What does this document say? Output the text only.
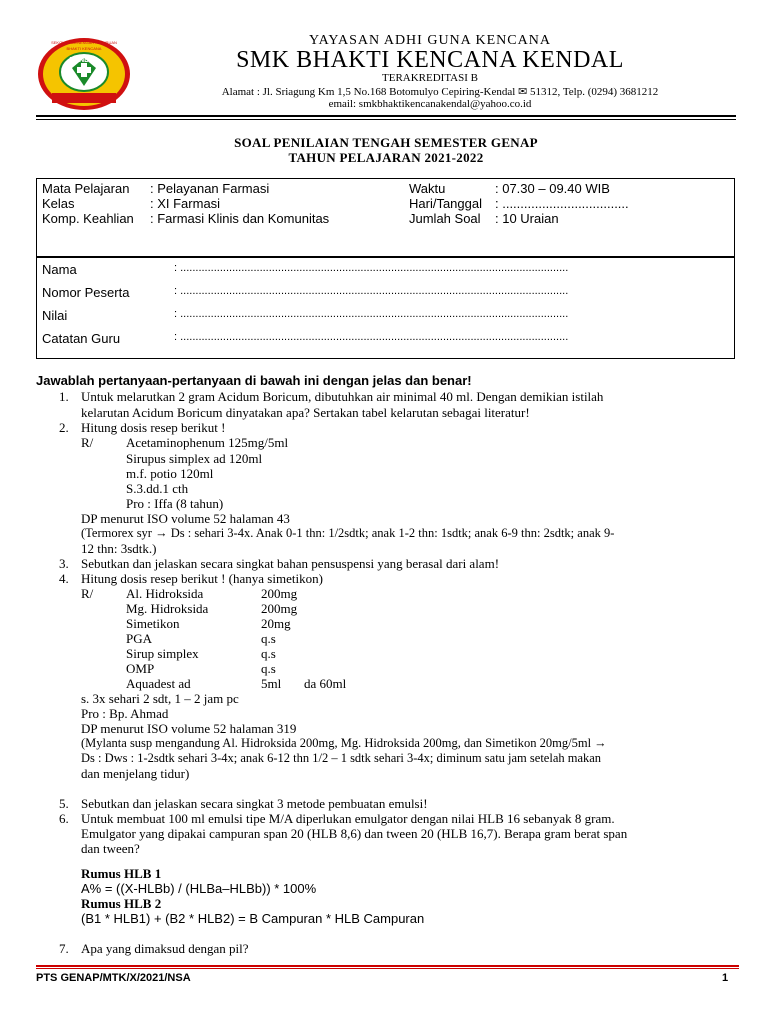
KENDAL
SEKOLAH MENENGAH KEJURUAN
BHAKTI KENCANA
YAYASAN ADHI GUNA KENCANA
SMK BHAKTI KENCANA KENDAL
TERAKREDITASI B
Alamat : Jl. Sriagung Km 1,5 No.168 Botomulyo Cepiring-Kendal ✉ 51312, Telp. (0294) 3681212
email: smkbhaktikencanakendal@yahoo.co.id
SOAL PENILAIAN TENGAH SEMESTER GENAP
TAHUN PELAJARAN 2021-2022
Mata Pelajaran : Pelayanan Farmasi
Kelas	: XI Farmasi
Komp. Keahlian : Farmasi Klinis dan Komunitas
Waktu	: 07.30 – 09.40 WIB
Hari/Tanggal : ...................................
Jumlah Soal : 10 Uraian
Nama	: ...............................................................................................................................
Nomor Peserta	: ...............................................................................................................................
Nilai	: ...............................................................................................................................
Catatan Guru	: ...............................................................................................................................
Jawablah pertanyaan-pertanyaan di bawah ini dengan jelas dan benar!
1. Untuk melarutkan 2 gram Acidum Boricum, dibutuhkan air minimal 40 ml. Dengan demikian istilah
kelarutan Acidum Boricum dinyatakan apa? Sertakan tabel kelarutan sebagai literatur!
2. Hitung dosis resep berikut !
R/	Acetaminophenum 125mg/5ml
Sirupus simplex ad 120ml
m.f. potio 120ml
S.3.dd.1 cth
Pro : Iffa (8 tahun)
DP menurut ISO volume 52 halaman 43
(Termorex syr → Ds : sehari 3-4x. Anak 0-1 thn: 1/2sdtk; anak 1-2 thn: 1sdtk; anak 6-9 thn: 2sdtk; anak 9-
12 thn: 3sdtk.)
3. Sebutkan dan jelaskan secara singkat bahan pensuspensi yang berasal dari alam!
4. Hitung dosis resep berikut ! (hanya simetikon)
R/	Al. Hidroksida	200mg
Mg. Hidroksida	200mg
Simetikon	20mg
PGA	q.s
Sirup simplex	q.s
OMP	q.s
Aquadest ad	5ml       da 60ml
s. 3x sehari 2 sdt, 1 – 2 jam pc
Pro : Bp. Ahmad
DP menurut ISO volume 52 halaman 319
(Mylanta susp mengandung Al. Hidroksida 200mg, Mg. Hidroksida 200mg, dan Simetikon 20mg/5ml →
Ds : Dws : 1-2sdtk sehari 3-4x; anak 6-12 thn 1/2 – 1 sdtk sehari 3-4x; diminum satu jam setelah makan
dan menjelang tidur)
5. Sebutkan dan jelaskan secara singkat 3 metode pembuatan emulsi!
6. Untuk membuat 100 ml emulsi tipe M/A diperlukan emulgator dengan nilai HLB 16 sebanyak 8 gram.
Emulgator yang dipakai campuran span 20 (HLB 8,6) dan tween 20 (HLB 16,7). Berapa gram berat span
dan tween?
Rumus HLB 1
A% = ((X-HLBb) / (HLBa–HLBb)) * 100%
Rumus HLB 2
(B1 * HLB1) + (B2 * HLB2) = B Campuran * HLB Campuran
7. Apa yang dimaksud dengan pil?
PTS GENAP/MTK/X/2021/NSA	1
